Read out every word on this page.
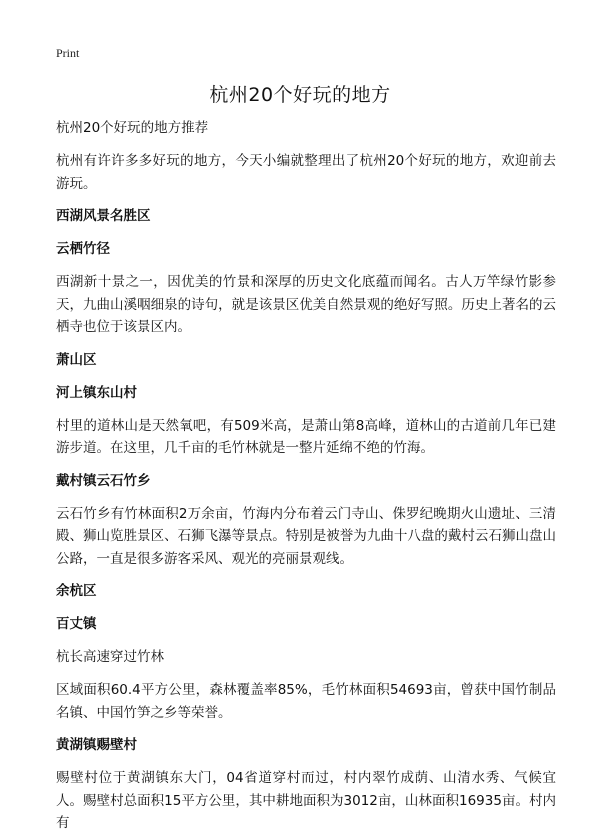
Print
杭州20个好玩的地方

杭州20个好玩的地方推荐

杭州有许许多多好玩的地方，今天小编就整理出了杭州20个好玩的地方，欢迎前去游玩。

西湖风景名胜区

云栖竹径

西湖新十景之一，因优美的竹景和深厚的历史文化底蕴而闻名。古人万竿绿竹影参天，九曲山溪咽细泉的诗句，就是该景区优美自然景观的绝好写照。历史上著名的云栖寺也位于该景区内。

萧山区

河上镇东山村

村里的道林山是天然氧吧，有509米高，是萧山第8高峰，道林山的古道前几年已建游步道。在这里，几千亩的毛竹林就是一整片延绵不绝的竹海。

戴村镇云石竹乡

云石竹乡有竹林面积2万余亩，竹海内分布着云门寺山、侏罗纪晚期火山遗址、三清殿、狮山览胜景区、石狮飞瀑等景点。特别是被誉为九曲十八盘的戴村云石狮山盘山公路，一直是很多游客采风、观光的亮丽景观线。

余杭区

百丈镇

杭长高速穿过竹林

区域面积60.4平方公里，森林覆盖率85%，毛竹林面积54693亩，曾获中国竹制品名镇、中国竹笋之乡等荣誉。

黄湖镇赐壁村

赐壁村位于黄湖镇东大门，04省道穿村而过，村内翠竹成荫、山清水秀、气候宜人。赐壁村总面积15平方公里，其中耕地面积为3012亩，山林面积16935亩。村内有
